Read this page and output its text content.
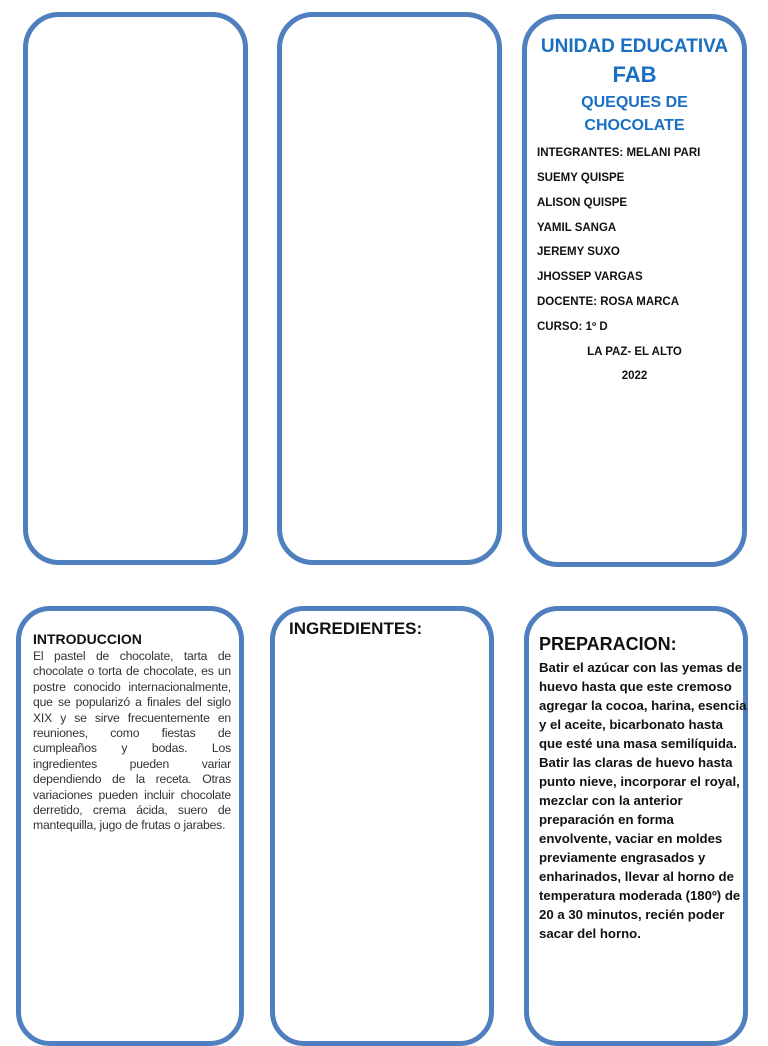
UNIDAD EDUCATIVA
FAB
QUEQUES DE
CHOCOLATE
INTEGRANTES: MELANI PARI
SUEMY QUISPE
ALISON QUISPE
YAMIL SANGA
JEREMY SUXO
JHOSSEP VARGAS
DOCENTE: ROSA MARCA
CURSO: 1º D
LA PAZ- EL ALTO
2022
INTRODUCCION
El pastel de chocolate, tarta de chocolate o torta de chocolate, es un postre conocido internacionalmente, que se popularizó a finales del siglo XIX y se sirve frecuentemente en reuniones, como fiestas de cumpleaños y bodas. Los ingredientes pueden variar dependiendo de la receta. Otras variaciones pueden incluir chocolate derretido, crema ácida, suero de mantequilla, jugo de frutas o jarabes.
INGREDIENTES:
PREPARACION:
Batir el azúcar con las yemas de huevo hasta que este cremoso agregar la cocoa, harina, esencia y el aceite, bicarbonato hasta que esté una masa semilíquida.
Batir las claras de huevo hasta punto nieve, incorporar el royal, mezclar con la anterior preparación en forma envolvente, vaciar en moldes previamente engrasados y enharinados, llevar al horno de temperatura moderada (180º) de 20 a 30 minutos, recién poder sacar del horno.
